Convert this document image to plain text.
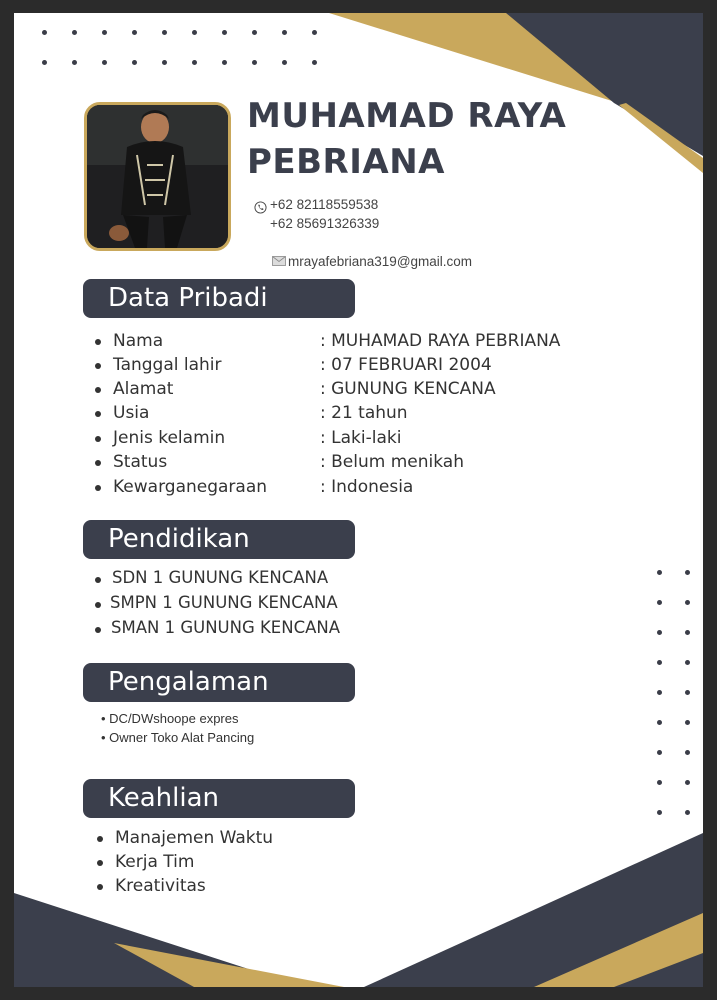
MUHAMAD RAYA
PEBRIANA
+62 82118559538
+62 85691326339
mrayafebriana319@gmail.com
Data Pribadi
Nama	: MUHAMAD RAYA PEBRIANA
Tanggal lahir	: 07 FEBRUARI 2004
Alamat	: GUNUNG KENCANA
Usia	: 21 tahun
Jenis kelamin	: Laki-laki
Status	: Belum menikah
Kewarganegaraan	: Indonesia
Pendidikan
SDN 1 GUNUNG KENCANA
SMPN 1 GUNUNG KENCANA
SMAN 1 GUNUNG KENCANA
Pengalaman
• DC/DWshoope expres
• Owner Toko Alat Pancing
Keahlian
Manajemen Waktu
Kerja Tim
Kreativitas
